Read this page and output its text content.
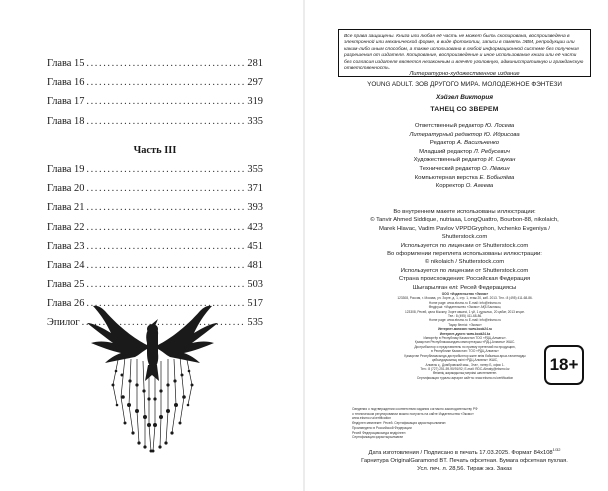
Глава 15 .....	281
Глава 16 .....	297
Глава 17 .....	319
Глава 18 .....	335
Часть III
Глава 19 .....	355
Глава 20 .....	371
Глава 21 .....	393
Глава 22 .....	423
Глава 23 .....	451
Глава 24 .....	481
Глава 25 .....	503
Глава 26 .....	517
Эпилог .....	535
Все права защищены. Книга или любая её часть не может быть скопирована, воспроизведена в электронной или механической форме, в виде фотокопии, записи в память ЭВМ, репродукции или каким-либо иным способом, а также использована в любой информационной системе без получения разрешения от издателя. Копирование, воспроизведение и иное использование книги или её части без согласия издателя является незаконным и влечёт уголовную, административную и гражданскую ответственность.
Литературно-художественное издание
YOUNG ADULT. ЗОВ ДРУГОГО МИРА. МОЛОДЕЖНОЕ ФЭНТЕЗИ
Хэйзел Виктория
ТАНЕЦ СО ЗВЕРЕМ
Ответственный редактор Ю. Лосева
Литературный редактор Ю. Идрисова
Редактор А. Васильченко
Младший редактор Л. Ребусевич
Художественный редактор И. Саукан
Технический редактор О. Лёвкин
Компьютерная верстка Е. Бобылёва
Корректор О. Агеева
Во внутреннем макете использованы иллюстрации:
© Tanvir Ahmed Siddique, nutriaaa, LongQuattro, Bourbon-88, nikolaich,
Marek Hlavac, Vadim Pavlov VPPDGryphon, Ivchenko Evgeniya /
Shutterstock.com
Используется по лицензии от Shutterstock.com
Во оформлении переплета использованы иллюстрации:
© nikolaich / Shutterstock.com
Используется по лицензии от Shutterstock.com
Страна происхождения: Российская Федерация
Шығарылған елі: Ресей Федерациясы
ООО «Издательство «Эксмо»
123308, Россия, г. Москва, ул. Зорге, д. 1, стр. 1, этаж 20, каб. 2013. Тел.: 8 (495) 411-68-86.
Home page: www.eksmo.ru E-mail: info@eksmo.ru
Өндіруші: «Издательство «Эксмо» АҚБ Баспасы,
123308, Ресей, қала Мәскеу, Зорге көшесі, 1 үй, 1 құрылыс, 20 қабат, 2013 кеңсе.
Тел.: 8 (495) 411-68-86.
Home page: www.eksmo.ru E-mail: info@eksmo.ru
Тауар белгісі: «Эксмо»
Интернет-магазин: www.book24.ru
Интернет-дүкен: www.book24.kz
Импортёр в Республику Казахстан ТОО «РДЦ-Алматы».
Қазақстан Республикасындағы импорттаушы «РДЦ-Алматы» ЖШС.
Дистрибьютор и представитель по приему претензий на продукцию,
в Республике Казахстан: ТОО «РДЦ-Алматы»
Қазақстан Республикасында дистрибьютор және өнім бойынша арыз-талаптарды
қабылдаушының өкілі «РДЦ-Алматы» ЖШС,
Алматы қ., Домбровский көш., 3«а», литер Б, офис 1.
Тел.: 8 (727) 251-59-90/91/92; E-mail: RDC-Almaty@eksmo.kz
Өнімнің жарамдылық мерзімі шектелмеген.
Сертификация туралы ақпарат сайтта: www.eksmo.ru/certification
18+
Сведения о подтверждении соответствия издания согласно законодательству РФ
о техническом регулировании можно получить на сайте Издательства «Эксмо»
www.eksmo.ru/certification
Өндірген мемлекет: Ресей. Сертификация қарастырылмаған
Произведено в Российской Федерации
Ресей Федерациясында өндірілген
Сертификация қарастырылмаған
Дата изготовления / Подписано в печать 17.03.2025. Формат $84x108^{1/32}$
Гарнитура OriginalGaramond BT. Печать офсетная. Бумага офсетная пухлая.
Усл. печ. л. 28,56. Тираж экз. Заказ
